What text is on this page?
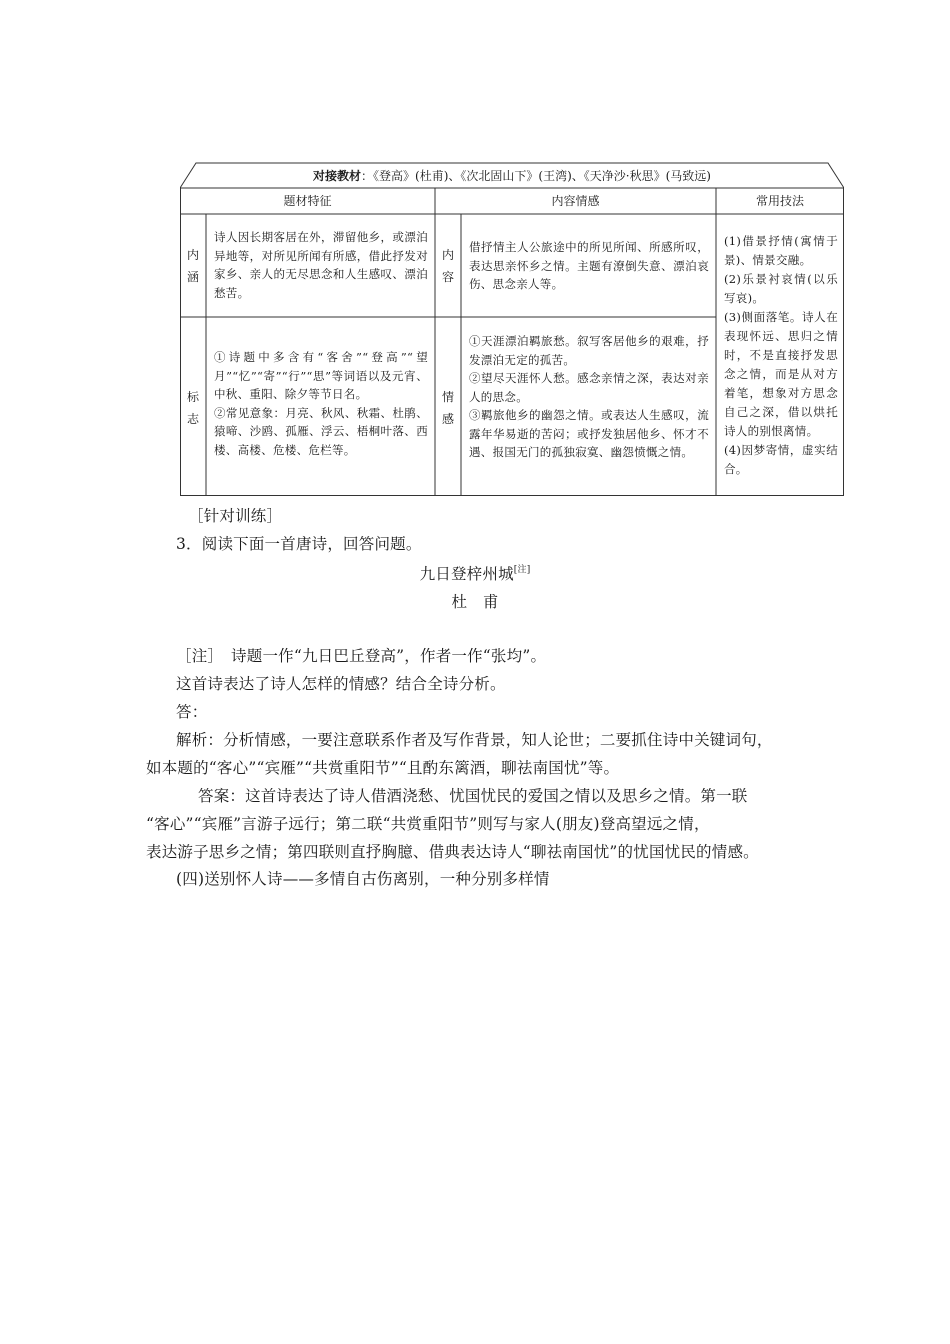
对接教材：《登高》(杜甫)、《次北固山下》(王湾)、《天净沙·秋思》(马致远)
题材特征	内容情感	常用技法
内
涵
诗人因长期客居在外，滞留他乡，或漂泊异地等，对所见所闻有所感，借此抒发对家乡、亲人的无尽思念和人生感叹、漂泊愁苦。
内
容
借抒情主人公旅途中的所见所闻、所感所叹，表达思亲怀乡之情。主题有潦倒失意、漂泊哀伤、思念亲人等。
标
志
①诗题中多含有“客舍”“登高”“望月”“忆”“寄”“行”“思”等词语以及元宵、中秋、重阳、除夕等节日名。
②常见意象：月亮、秋风、秋霜、杜鹃、猿啼、沙鸥、孤雁、浮云、梧桐叶落、西楼、高楼、危楼、危栏等。
情
感
①天涯漂泊羁旅愁。叙写客居他乡的艰难，抒发漂泊无定的孤苦。
②望尽天涯怀人愁。感念亲情之深，表达对亲人的思念。
③羁旅他乡的幽怨之情。或表达人生感叹，流露年华易逝的苦闷；或抒发独居他乡、怀才不遇、报国无门的孤独寂寞、幽怨愤慨之情。
(1)借景抒情(寓情于景)、情景交融。
(2)乐景衬哀情(以乐写哀)。
(3)侧面落笔。诗人在表现怀远、思归之情时，不是直接抒发思念之情，而是从对方着笔，想象对方思念自己之深，借以烘托诗人的别恨离情。
(4)因梦寄情，虚实结合。
［针对训练］
3．阅读下面一首唐诗，回答问题。
九日登梓州城[注]
杜　甫
［注］　诗题一作“九日巴丘登高”，作者一作“张均”。
这首诗表达了诗人怎样的情感？结合全诗分析。
答：
解析：分析情感，一要注意联系作者及写作背景，知人论世；二要抓住诗中关键词句，
如本题的“客心”“宾雁”“共赏重阳节”“且酌东篱酒，聊祛南国忧”等。
答案：这首诗表达了诗人借酒浇愁、忧国忧民的爱国之情以及思乡之情。第一联
“客心”“宾雁”言游子远行；第二联“共赏重阳节”则写与家人(朋友)登高望远之情，
表达游子思乡之情；第四联则直抒胸臆、借典表达诗人“聊祛南国忧”的忧国忧民的情感。
(四)送别怀人诗——多情自古伤离别，一种分别多样情
